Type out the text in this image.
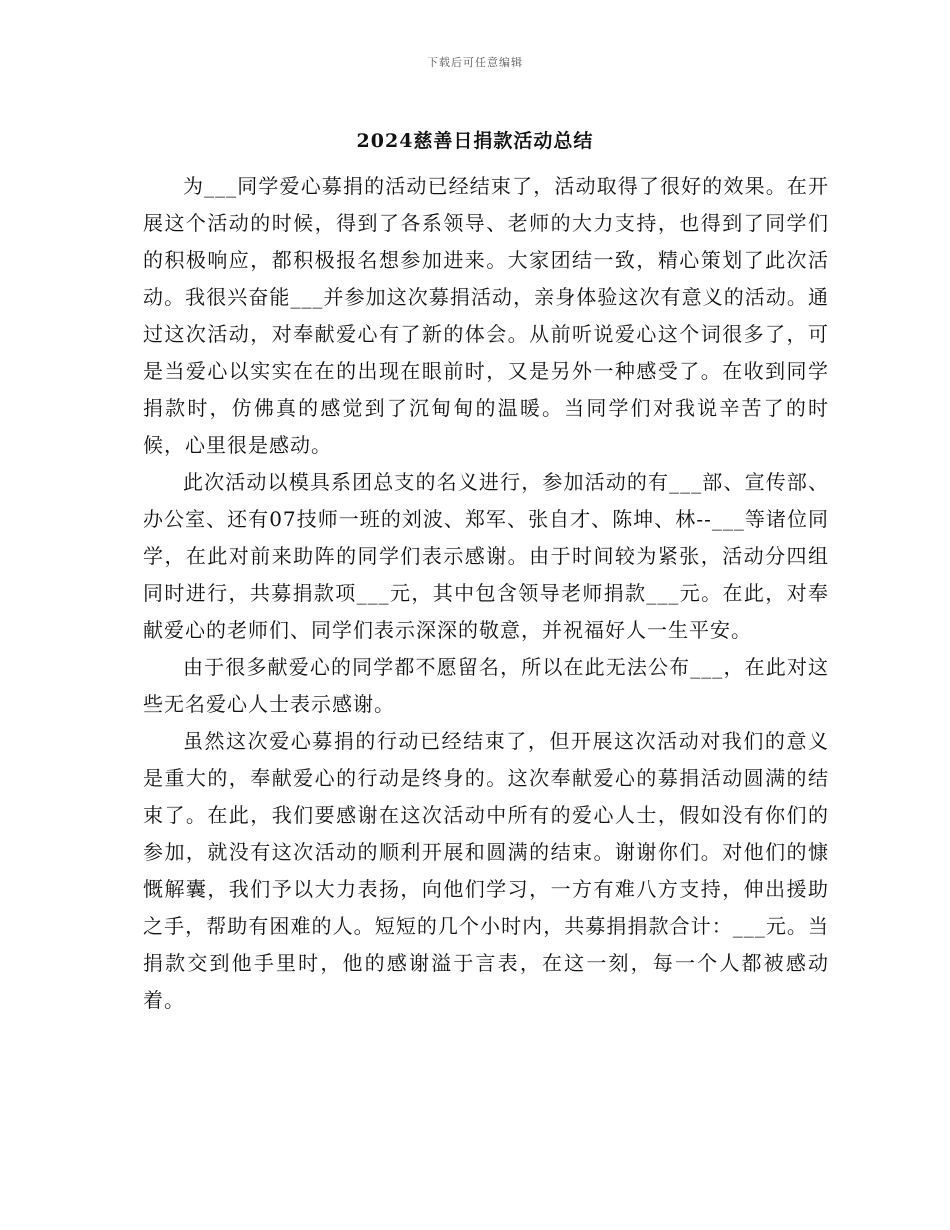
下载后可任意编辑
2024慈善日捐款活动总结

为___同学爱心募捐的活动已经结束了，活动取得了很好的效果。在开展这个活动的时候，得到了各系领导、老师的大力支持，也得到了同学们的积极响应，都积极报名想参加进来。大家团结一致，精心策划了此次活动。我很兴奋能___并参加这次募捐活动，亲身体验这次有意义的活动。通过这次活动，对奉献爱心有了新的体会。从前听说爱心这个词很多了，可是当爱心以实实在在的出现在眼前时，又是另外一种感受了。在收到同学捐款时，仿佛真的感觉到了沉甸甸的温暖。当同学们对我说辛苦了的时候，心里很是感动。

此次活动以模具系团总支的名义进行，参加活动的有___部、宣传部、办公室、还有07技师一班的刘波、郑军、张自才、陈坤、林--___等诸位同学，在此对前来助阵的同学们表示感谢。由于时间较为紧张，活动分四组同时进行，共募捐款项___元，其中包含领导老师捐款___元。在此，对奉献爱心的老师们、同学们表示深深的敬意，并祝福好人一生平安。

由于很多献爱心的同学都不愿留名，所以在此无法公布___，在此对这些无名爱心人士表示感谢。

虽然这次爱心募捐的行动已经结束了，但开展这次活动对我们的意义是重大的，奉献爱心的行动是终身的。这次奉献爱心的募捐活动圆满的结束了。在此，我们要感谢在这次活动中所有的爱心人士，假如没有你们的参加，就没有这次活动的顺利开展和圆满的结束。谢谢你们。对他们的慷慨解囊，我们予以大力表扬，向他们学习，一方有难八方支持，伸出援助之手，帮助有困难的人。短短的几个小时内，共募捐捐款合计：___元。当捐款交到他手里时，他的感谢溢于言表，在这一刻，每一个人都被感动着。
